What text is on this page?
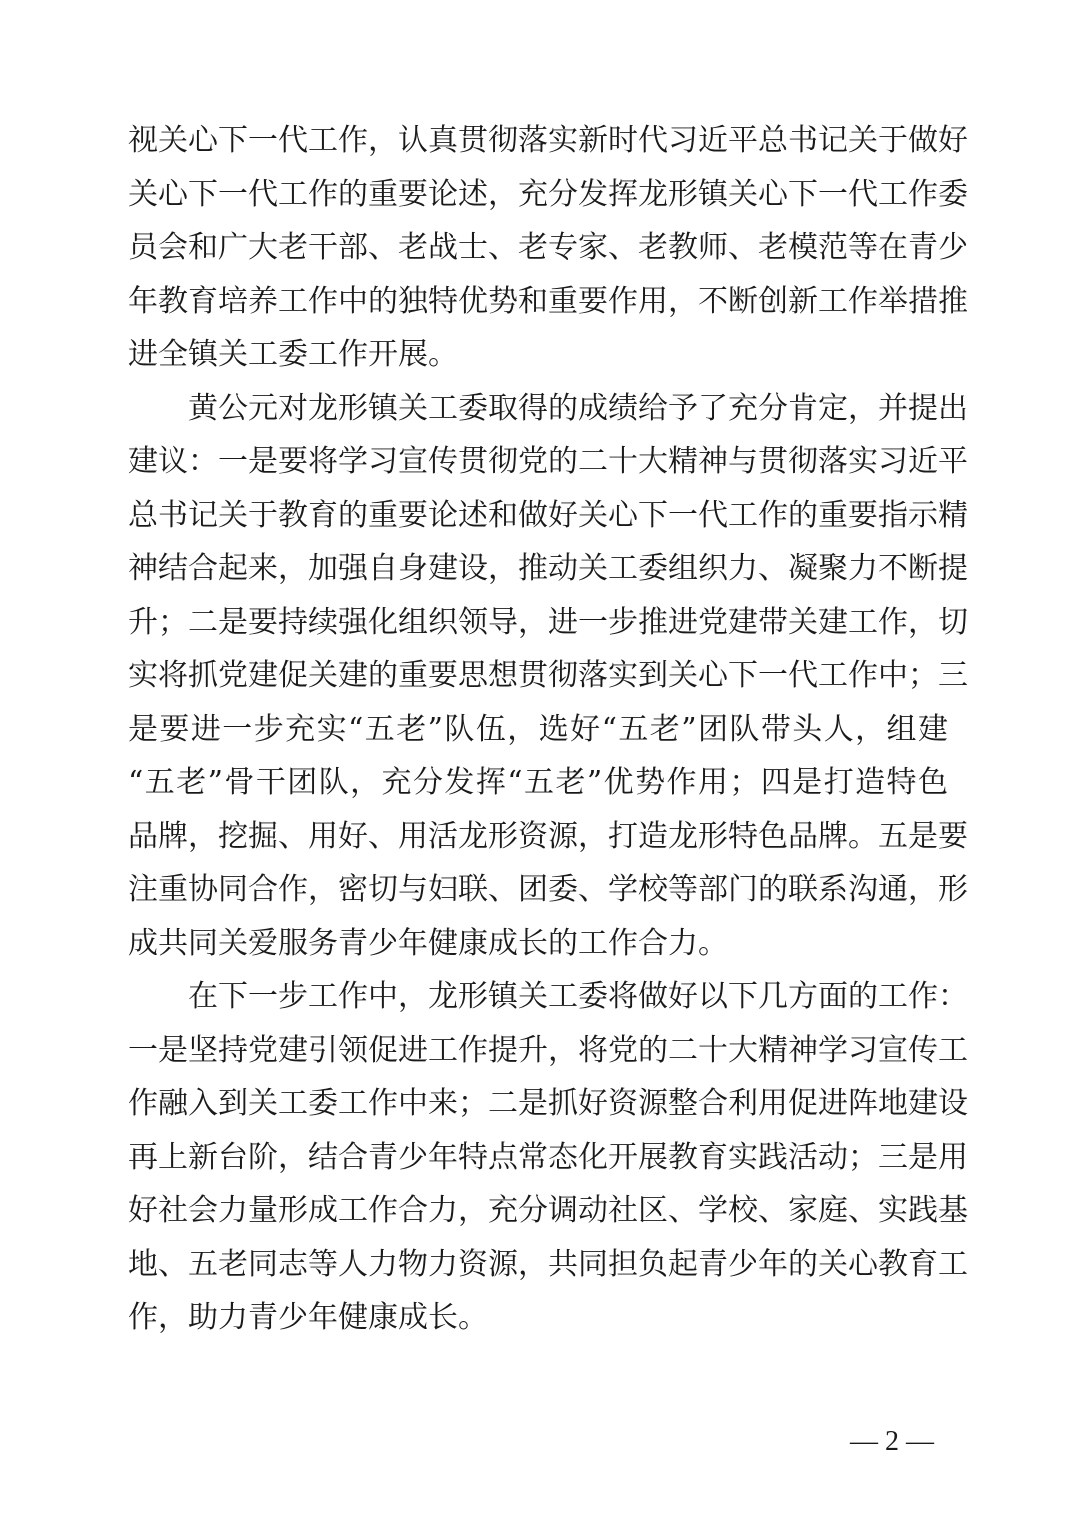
视关心下一代工作，认真贯彻落实新时代习近平总书记关于做好
关心下一代工作的重要论述，充分发挥龙形镇关心下一代工作委
员会和广大老干部、老战士、老专家、老教师、老模范等在青少
年教育培养工作中的独特优势和重要作用，不断创新工作举措推
进全镇关工委工作开展。
黄公元对龙形镇关工委取得的成绩给予了充分肯定，并提出
建议：一是要将学习宣传贯彻党的二十大精神与贯彻落实习近平
总书记关于教育的重要论述和做好关心下一代工作的重要指示精
神结合起来，加强自身建设，推动关工委组织力、凝聚力不断提
升；二是要持续强化组织领导，进一步推进党建带关建工作，切
实将抓党建促关建的重要思想贯彻落实到关心下一代工作中；三
是要进一步充实“五老”队伍，选好“五老”团队带头人，组建
“五老”骨干团队，充分发挥“五老”优势作用；四是打造特色
品牌，挖掘、用好、用活龙形资源，打造龙形特色品牌。五是要
注重协同合作，密切与妇联、团委、学校等部门的联系沟通，形
成共同关爱服务青少年健康成长的工作合力。
在下一步工作中，龙形镇关工委将做好以下几方面的工作：
一是坚持党建引领促进工作提升，将党的二十大精神学习宣传工
作融入到关工委工作中来；二是抓好资源整合利用促进阵地建设
再上新台阶，结合青少年特点常态化开展教育实践活动；三是用
好社会力量形成工作合力，充分调动社区、学校、家庭、实践基
地、五老同志等人力物力资源，共同担负起青少年的关心教育工
作，助力青少年健康成长。
— 2 —
